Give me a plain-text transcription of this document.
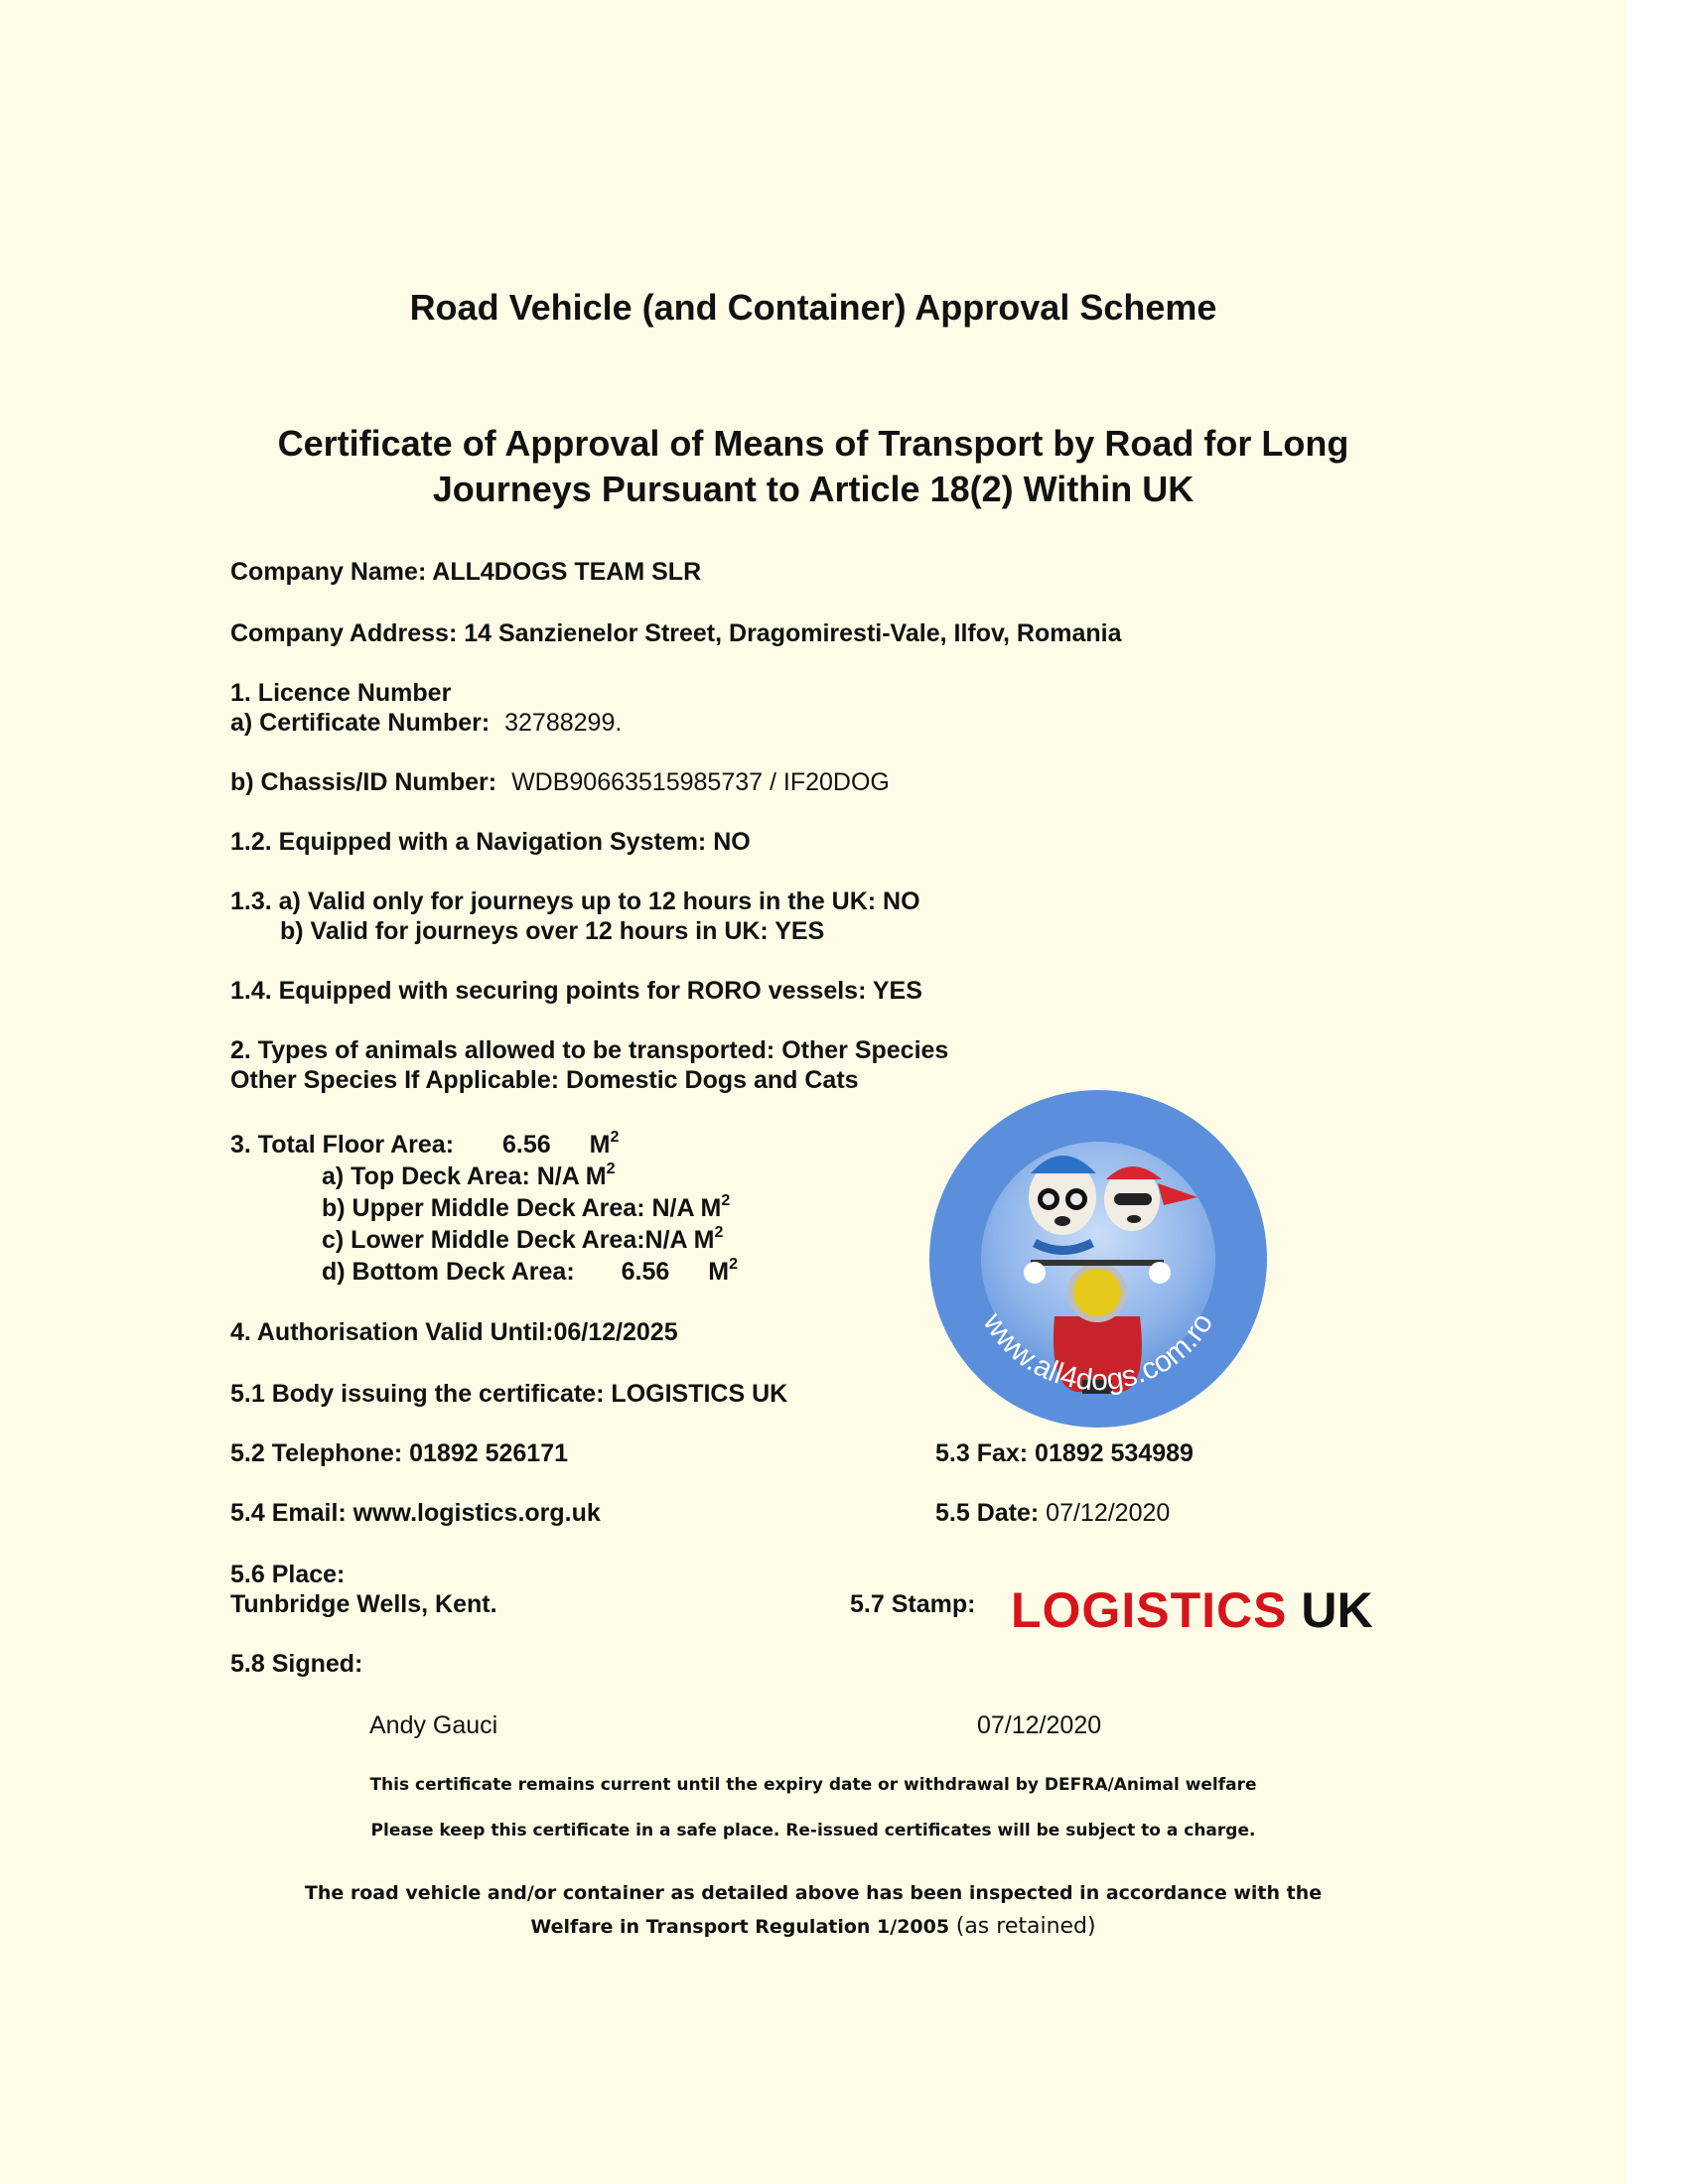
Road Vehicle (and Container) Approval Scheme
Certificate of Approval of Means of Transport by Road for Long
Journeys Pursuant to Article 18(2) Within UK
Company Name: ALL4DOGS TEAM SLR
Company Address: 14 Sanzienelor Street, Dragomiresti-Vale, Ilfov, Romania
1. Licence Number
a) Certificate Number: 32788299.
b) Chassis/ID Number: WDB90663515985737 / IF20DOG
1.2. Equipped with a Navigation System: NO
1.3. a) Valid only for journeys up to 12 hours in the UK: NO
b) Valid for journeys over 12 hours in UK: YES
1.4. Equipped with securing points for RORO vessels: YES
2. Types of animals allowed to be transported: Other Species
Other Species If Applicable: Domestic Dogs and Cats
3. Total Floor Area: 6.56 $M^2$
a) Top Deck Area: N/A $M^2$
b) Upper Middle Deck Area: N/A $M^2$
c) Lower Middle Deck Area:N/A $M^2$
d) Bottom Deck Area: 6.56 $M^2$
4. Authorisation Valid Until:06/12/2025
5.1 Body issuing the certificate: LOGISTICS UK
5.2 Telephone: 01892 526171	5.3 Fax: 01892 534989
5.4 Email: www.logistics.org.uk	5.5 Date: 07/12/2020
5.6 Place:
Tunbridge Wells, Kent.	5.7 Stamp: LOGISTICS UK
5.8 Signed:
Andy Gauci	07/12/2020
This certificate remains current until the expiry date or withdrawal by DEFRA/Animal welfare
Please keep this certificate in a safe place. Re-issued certificates will be subject to a charge.
The road vehicle and/or container as detailed above has been inspected in accordance with the
Welfare in Transport Regulation 1/2005 (as retained)
www.all4dogs.com.ro
